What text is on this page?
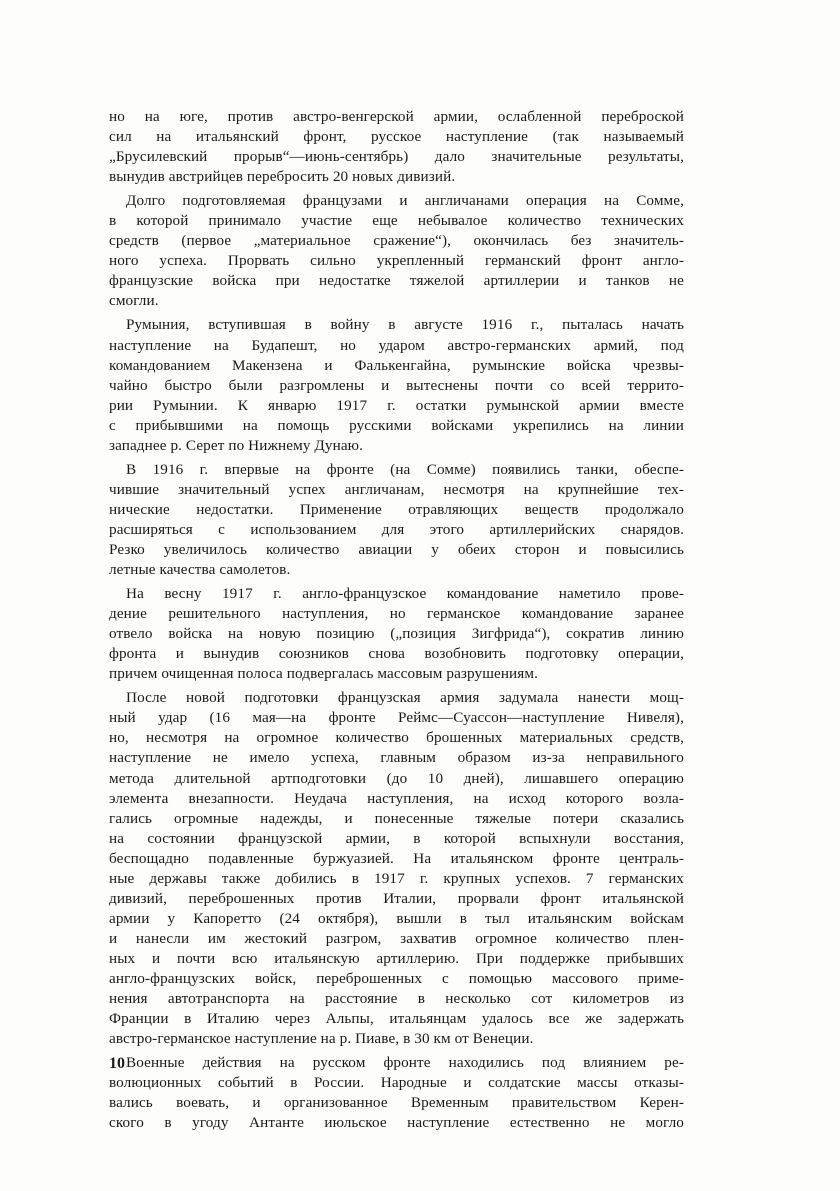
но на юге, против австро-венгерской армии, ослабленной переброской
сил на итальянский фронт, русское наступление (так называемый
„Брусилевский прорыв“—июнь-сентябрь) дало значительные результаты,
вынудив австрийцев перебросить 20 новых дивизий.
Долго подготовляемая французами и англичанами операция на Сомме,
в которой принимало участие еще небывалое количество технических
средств (первое „материальное сражение“), окончилась без значитель-
ного успеха. Прорвать сильно укрепленный германский фронт англо-
французские войска при недостатке тяжелой артиллерии и танков не
смогли.
Румыния, вступившая в войну в августе 1916 г., пыталась начать
наступление на Будапешт, но ударом австро-германских армий, под
командованием Макензена и Фалькенгайна, румынские войска чрезвы-
чайно быстро были разгромлены и вытеснены почти со всей террито-
рии Румынии. К январю 1917 г. остатки румынской армии вместе
с прибывшими на помощь русскими войсками укрепились на линии
западнее р. Серет по Нижнему Дунаю.
В 1916 г. впервые на фронте (на Сомме) появились танки, обеспе-
чившие значительный успех англичанам, несмотря на крупнейшие тех-
нические недостатки. Применение отравляющих веществ продолжало
расширяться с использованием для этого артиллерийских снарядов.
Резко увеличилось количество авиации у обеих сторон и повысились
летные качества самолетов.
На весну 1917 г. англо-французское командование наметило прове-
дение решительного наступления, но германское командование заранее
отвело войска на новую позицию („позиция Зигфрида“), сократив линию
фронта и вынудив союзников снова возобновить подготовку операции,
причем очищенная полоса подвергалась массовым разрушениям.
После новой подготовки французская армия задумала нанести мощ-
ный удар (16 мая—на фронте Реймс—Суассон—наступление Нивеля),
но, несмотря на огромное количество брошенных материальных средств,
наступление не имело успеха, главным образом из-за неправильного
метода длительной артподготовки (до 10 дней), лишавшего операцию
элемента внезапности. Неудача наступления, на исход которого возла-
гались огромные надежды, и понесенные тяжелые потери сказались
на состоянии французской армии, в которой вспыхнули восстания,
беспощадно подавленные буржуазией. На итальянском фронте централь-
ные державы также добились в 1917 г. крупных успехов. 7 германских
дивизий, переброшенных против Италии, прорвали фронт итальянской
армии у Капоретто (24 октября), вышли в тыл итальянским войскам
и нанесли им жестокий разгром, захватив огромное количество плен-
ных и почти всю итальянскую артиллерию. При поддержке прибывших
англо-французских войск, переброшенных с помощью массового приме-
нения автотранспорта на расстояние в несколько сот километров из
Франции в Италию через Альпы, итальянцам удалось все же задержать
австро-германское наступление на р. Пиаве, в 30 км от Венеции.
Военные действия на русском фронте находились под влиянием ре-
волюционных событий в России. Народные и солдатские массы отказы-
вались воевать, и организованное Временным правительством Керен-
ского в угоду Антанте июльское наступление естественно не могло
10
